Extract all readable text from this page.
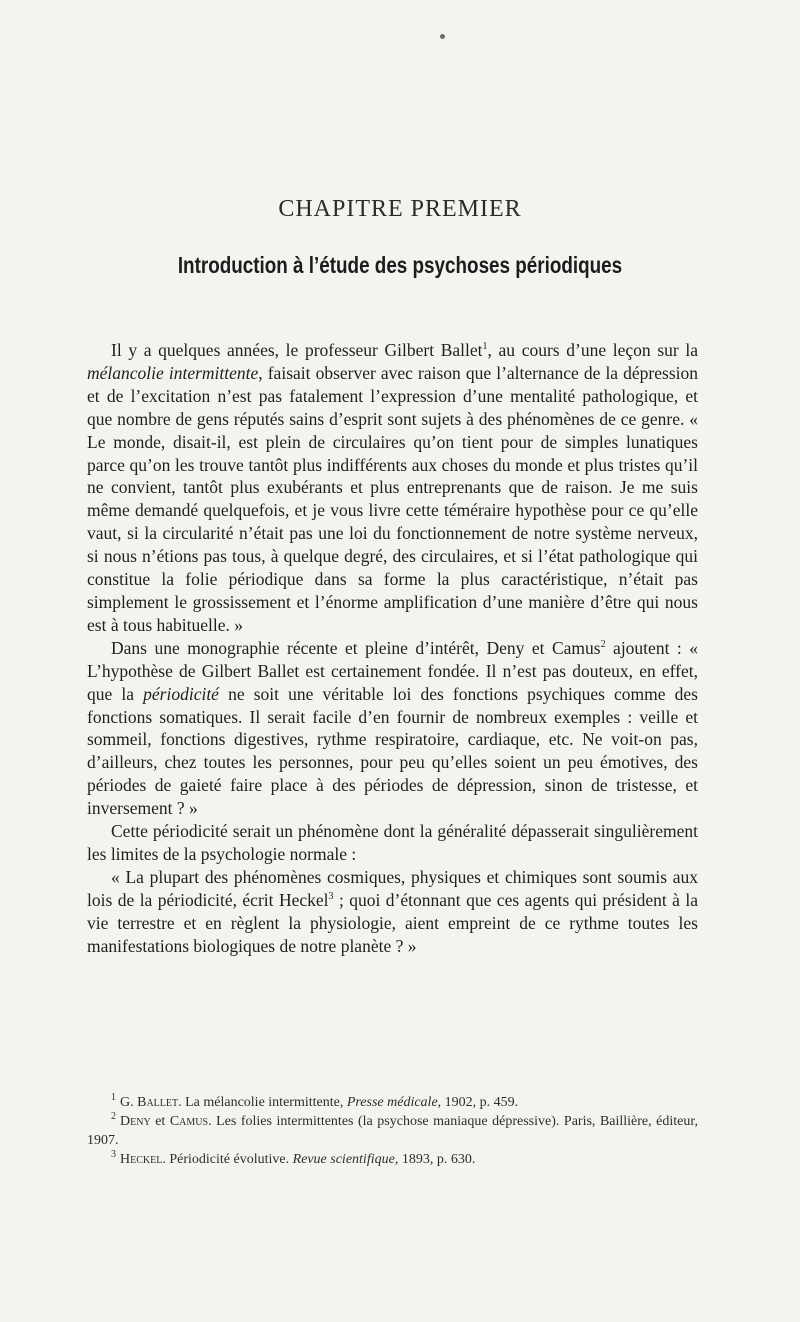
CHAPITRE PREMIER
Introduction à l’étude des psychoses périodiques

Il y a quelques années, le professeur Gilbert Ballet$^1$, au cours d’une leçon sur la mélancolie intermittente, faisait observer avec raison que l’alternance de la dépression et de l’excitation n’est pas fatalement l’expression d’une mentalité pathologique, et que nombre de gens réputés sains d’esprit sont sujets à des phénomènes de ce genre. « Le monde, disait-il, est plein de circulaires qu’on tient pour de simples lunatiques parce qu’on les trouve tantôt plus indifférents aux choses du monde et plus tristes qu’il ne convient, tantôt plus exubérants et plus entreprenants que de raison. Je me suis même demandé quelquefois, et je vous livre cette téméraire hypothèse pour ce qu’elle vaut, si la circularité n’était pas une loi du fonctionnement de notre système nerveux, si nous n’étions pas tous, à quelque degré, des circulaires, et si l’état pathologique qui constitue la folie périodique dans sa forme la plus caractéristique, n’était pas simplement le grossissement et l’énorme amplification d’une manière d’être qui nous est à tous habituelle. »

Dans une monographie récente et pleine d’intérêt, Deny et Camus$^2$ ajoutent : « L’hypothèse de Gilbert Ballet est certainement fondée. Il n’est pas douteux, en effet, que la périodicité ne soit une véritable loi des fonctions psychiques comme des fonctions somatiques. Il serait facile d’en fournir de nombreux exemples : veille et sommeil, fonctions digestives, rythme respiratoire, cardiaque, etc. Ne voit-on pas, d’ailleurs, chez toutes les personnes, pour peu qu’elles soient un peu émotives, des périodes de gaieté faire place à des périodes de dépression, sinon de tristesse, et inversement ? »

Cette périodicité serait un phénomène dont la généralité dépasserait singulièrement les limites de la psychologie normale :

« La plupart des phénomènes cosmiques, physiques et chimiques sont soumis aux lois de la périodicité, écrit Heckel$^3$ ; quoi d’étonnant que ces agents qui président à la vie terrestre et en règlent la physiologie, aient empreint de ce rythme toutes les manifestations biologiques de notre planète ? »

$^1$ G. Ballet. La mélancolie intermittente, Presse médicale, 1902, p. 459.

$^2$ Deny et Camus. Les folies intermittentes (la psychose maniaque dépressive). Paris, Baillière, éditeur, 1907.

$^3$ Heckel. Périodicité évolutive. Revue scientifique, 1893, p. 630.
